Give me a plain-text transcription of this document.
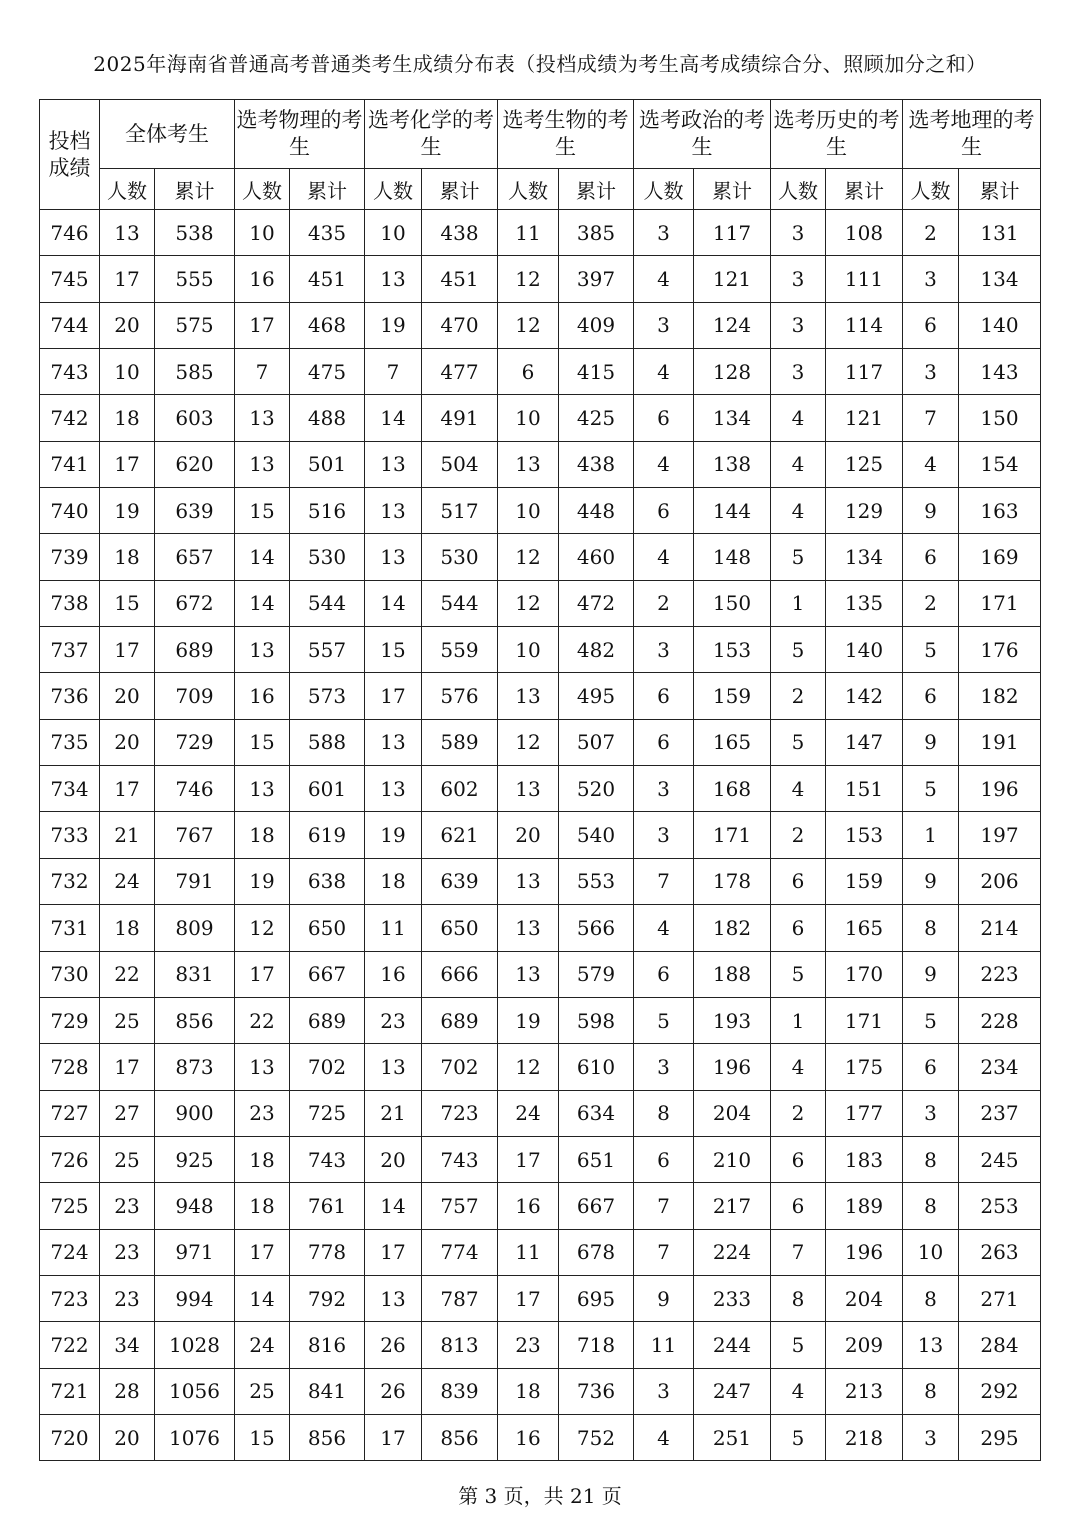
2025年海南省普通高考普通类考生成绩分布表（投档成绩为考生高考成绩综合分、照顾加分之和）
投档成绩	全体考生		选考物理的考生		选考化学的考生		选考生物的考生		选考政治的考生		选考历史的考生		选考地理的考生	
	人数	累计	人数	累计	人数	累计	人数	累计	人数	累计	人数	累计	人数	累计
746	13	538	10	435	10	438	11	385	3	117	3	108	2	131
745	17	555	16	451	13	451	12	397	4	121	3	111	3	134
744	20	575	17	468	19	470	12	409	3	124	3	114	6	140
743	10	585	7	475	7	477	6	415	4	128	3	117	3	143
742	18	603	13	488	14	491	10	425	6	134	4	121	7	150
741	17	620	13	501	13	504	13	438	4	138	4	125	4	154
740	19	639	15	516	13	517	10	448	6	144	4	129	9	163
739	18	657	14	530	13	530	12	460	4	148	5	134	6	169
738	15	672	14	544	14	544	12	472	2	150	1	135	2	171
737	17	689	13	557	15	559	10	482	3	153	5	140	5	176
736	20	709	16	573	17	576	13	495	6	159	2	142	6	182
735	20	729	15	588	13	589	12	507	6	165	5	147	9	191
734	17	746	13	601	13	602	13	520	3	168	4	151	5	196
733	21	767	18	619	19	621	20	540	3	171	2	153	1	197
732	24	791	19	638	18	639	13	553	7	178	6	159	9	206
731	18	809	12	650	11	650	13	566	4	182	6	165	8	214
730	22	831	17	667	16	666	13	579	6	188	5	170	9	223
729	25	856	22	689	23	689	19	598	5	193	1	171	5	228
728	17	873	13	702	13	702	12	610	3	196	4	175	6	234
727	27	900	23	725	21	723	24	634	8	204	2	177	3	237
726	25	925	18	743	20	743	17	651	6	210	6	183	8	245
725	23	948	18	761	14	757	16	667	7	217	6	189	8	253
724	23	971	17	778	17	774	11	678	7	224	7	196	10	263
723	23	994	14	792	13	787	17	695	9	233	8	204	8	271
722	34	1028	24	816	26	813	23	718	11	244	5	209	13	284
721	28	1056	25	841	26	839	18	736	3	247	4	213	8	292
720	20	1076	15	856	17	856	16	752	4	251	5	218	3	295
第 3 页，共 21 页
